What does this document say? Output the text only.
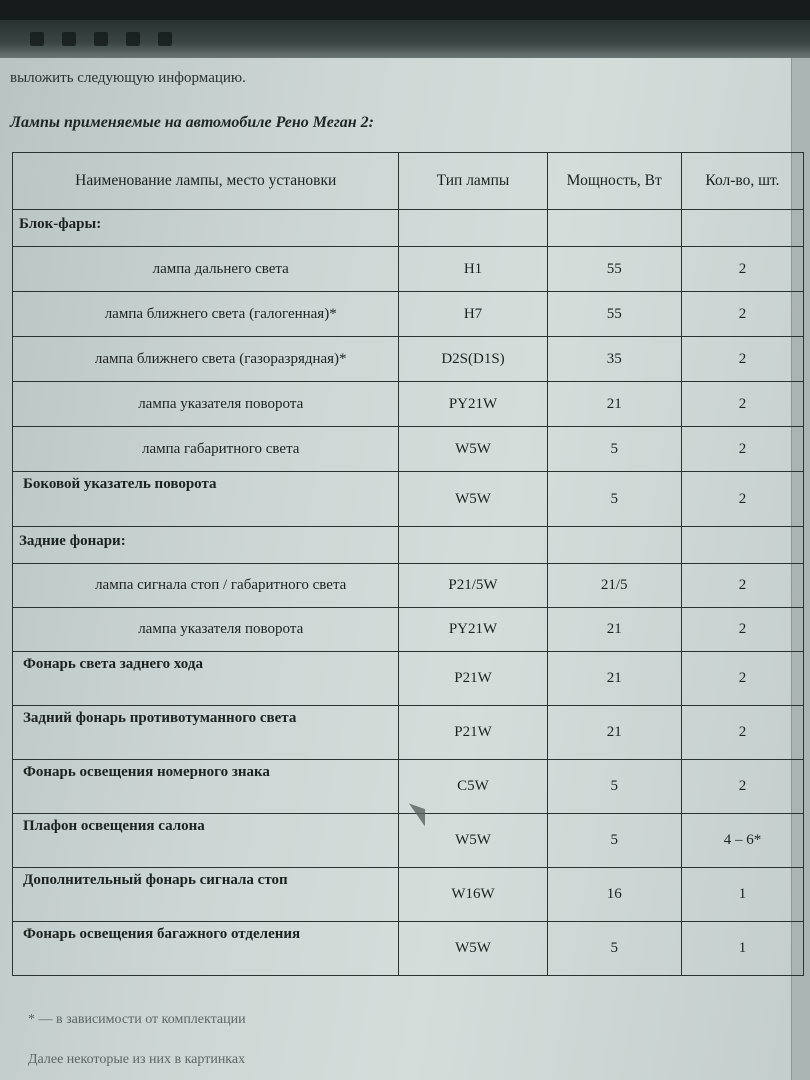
выложить следующую информацию.
Лампы применяемые на автомобиле Рено Меган 2:
Наименование лампы, место установки	Тип лампы	Мощность, Вт	Кол-во, шт.
Блок-фары:			
лампа дальнего света	H1	55	2
лампа ближнего света (галогенная)*	H7	55	2
лампа ближнего света (газоразрядная)*	D2S(D1S)	35	2
лампа указателя поворота	PY21W	21	2
лампа габаритного света	W5W	5	2
Боковой указатель поворота	W5W	5	2
Задние фонари:			
лампа сигнала стоп / габаритного света	P21/5W	21/5	2
лампа указателя поворота	PY21W	21	2
Фонарь света заднего хода	P21W	21	2
Задний фонарь противотуманного света	P21W	21	2
Фонарь освещения номерного знака	C5W	5	2
Плафон освещения салона	W5W	5	4 – 6*
Дополнительный фонарь сигнала стоп	W16W	16	1
Фонарь освещения багажного отделения	W5W	5	1
* — в зависимости от комплектации
Далее некоторые из них в картинках
